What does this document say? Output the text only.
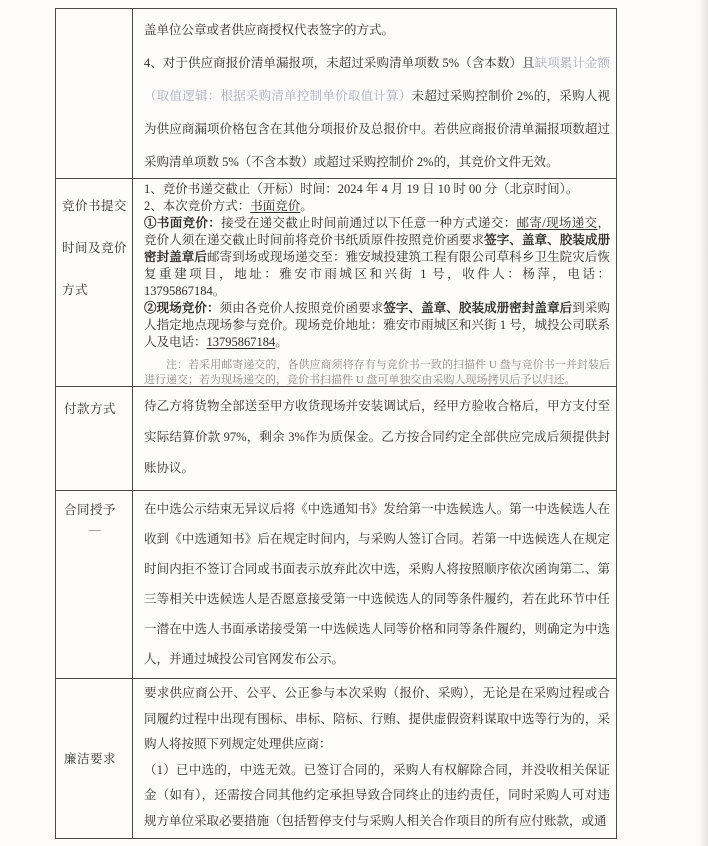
盖单位公章或者供应商授权代表签字的方式。

4、对于供应商报价清单漏报项，未超过采购清单项数 5%（含本数）且缺项累计金额（取值逻辑：根据采购清单控制单价取值计算）未超过采购控制价 2%的，采购人视为供应商漏项价格包含在其他分项报价及总报价中。若供应商报价清单漏报项数超过采购清单项数 5%（不含本数）或超过采购控制价 2%的，其竞价文件无效。

竞价书提交时间及竞价方式

1、竞价书递交截止（开标）时间：2024 年 4 月 19 日 10 时 00 分（北京时间）。

2、本次竞价方式：书面竞价。

①书面竞价：接受在递交截止时间前通过以下任意一种方式递交：邮寄/现场递交，竞价人须在递交截止时间前将竞价书纸质原件按照竞价函要求签字、盖章、胶装成册密封盖章后邮寄到场或现场递交至：雅安城投建筑工程有限公司草科乡卫生院灾后恢复重建项目，地址：雅安市雨城区和兴街 1 号，收件人：杨萍，电话：13795867184。

②现场竞价：须由各竞价人按照竞价函要求签字、盖章、胶装成册密封盖章后到采购人指定地点现场参与竞价。现场竞价地址：雅安市雨城区和兴街 1 号，城投公司联系人及电话：13795867184。

注：若采用邮寄递交的，各供应商须将存有与竞价书一致的扫描件 U 盘与竞价书一并封装后进行递交；若为现场递交的，竞价书扫描件 U 盘可单独交由采购人现场拷贝后予以归还。

付款方式	待乙方将货物全部送至甲方收货现场并安装调试后，经甲方验收合格后，甲方支付至实际结算价款 97%，剩余 3%作为质保金。乙方按合同约定全部供应完成后须提供封账协议。

合同授予
—

在中选公示结束无异议后将《中选通知书》发给第一中选候选人。第一中选候选人在收到《中选通知书》后在规定时间内，与采购人签订合同。若第一中选候选人在规定时间内拒不签订合同或书面表示放弃此次中选，采购人将按照顺序依次函询第二、第三等相关中选候选人是否愿意接受第一中选候选人的同等条件履约，若在此环节中任一潜在中选人书面承诺接受第一中选候选人同等价格和同等条件履约，则确定为中选人，并通过城投公司官网发布公示。

廉洁要求

要求供应商公开、公平、公正参与本次采购（报价、采购），无论是在采购过程或合同履约过程中出现有围标、串标、陪标、行贿、提供虚假资料谋取中选等行为的，采购人将按照下列规定处理供应商：

（1）已中选的，中选无效。已签订合同的，采购人有权解除合同，并没收相关保证金（如有），还需按合同其他约定承担导致合同终止的违约责任，同时采购人可对违规方单位采取必要措施（包括暂停支付与采购人相关合作项目的所有应付账款，或通
